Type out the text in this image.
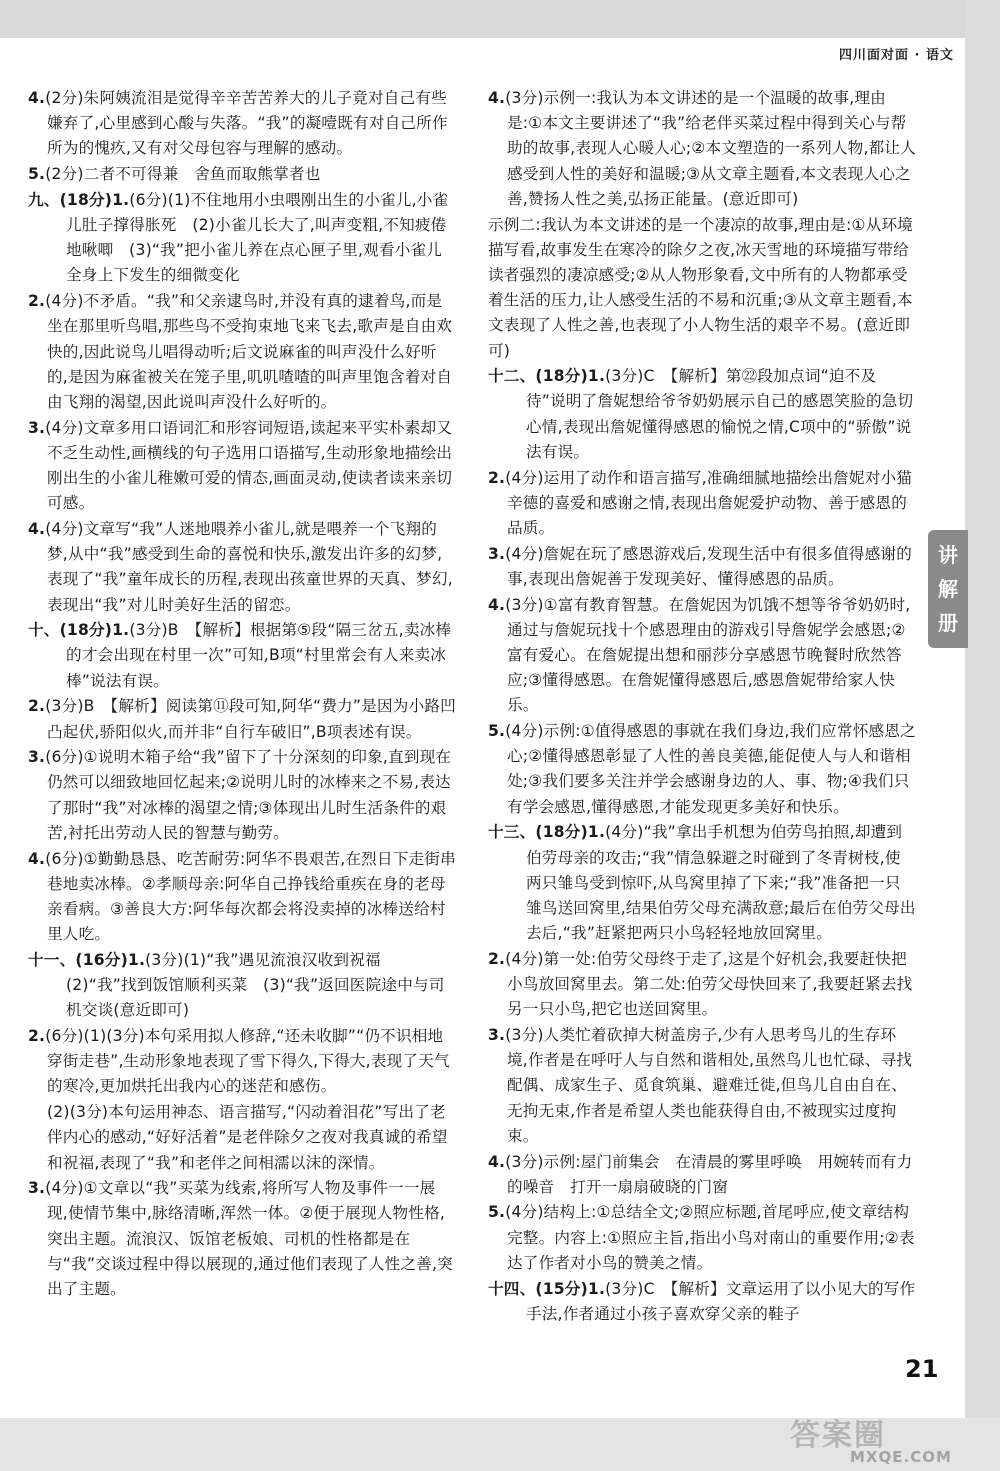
四川面对面 · 语文

4.(2分)朱阿姨流泪是觉得辛辛苦苦养大的儿子竟对自己有些嫌弃了,心里感到心酸与失落。“我”的凝噎既有对自己所作所为的愧疚,又有对父母包容与理解的感动。

5.(2分)二者不可得兼　舍鱼而取熊掌者也

九、(18分)1.(6分)(1)不住地用小虫喂刚出生的小雀儿,小雀儿肚子撑得胀死　(2)小雀儿长大了,叫声变粗,不知疲倦地啾唧　(3)“我”把小雀儿养在点心匣子里,观看小雀儿全身上下发生的细微变化

2.(4分)不矛盾。“我”和父亲逮鸟时,并没有真的逮着鸟,而是坐在那里听鸟唱,那些鸟不受拘束地飞来飞去,歌声是自由欢快的,因此说鸟儿唱得动听;后文说麻雀的叫声没什么好听的,是因为麻雀被关在笼子里,叽叽喳喳的叫声里饱含着对自由飞翔的渴望,因此说叫声没什么好听的。

3.(4分)文章多用口语词汇和形容词短语,读起来平实朴素却又不乏生动性,画横线的句子选用口语描写,生动形象地描绘出刚出生的小雀儿稚嫩可爱的情态,画面灵动,使读者读来亲切可感。

4.(4分)文章写“我”人迷地喂养小雀儿,就是喂养一个飞翔的梦,从中“我”感受到生命的喜悦和快乐,激发出许多的幻梦,表现了“我”童年成长的历程,表现出孩童世界的天真、梦幻,表现出“我”对儿时美好生活的留恋。

十、(18分)1.(3分)B　【解析】根据第⑤段“隔三岔五,卖冰棒的才会出现在村里一次”可知,B项“村里常会有人来卖冰棒”说法有误。

2.(3分)B　【解析】阅读第⑪段可知,阿华“费力”是因为小路凹凸起伏,骄阳似火,而并非“自行车破旧”,B项表述有误。

3.(6分)①说明木箱子给“我”留下了十分深刻的印象,直到现在仍然可以细致地回忆起来;②说明儿时的冰棒来之不易,表达了那时“我”对冰棒的渴望之情;③体现出儿时生活条件的艰苦,衬托出劳动人民的智慧与勤劳。

4.(6分)①勤勤恳恳、吃苦耐劳:阿华不畏艰苦,在烈日下走街串巷地卖冰棒。②孝顺母亲:阿华自己挣钱给重疾在身的老母亲看病。③善良大方:阿华每次都会将没卖掉的冰棒送给村里人吃。

十一、(16分)1.(3分)(1)“我”遇见流浪汉收到祝福　(2)“我”找到饭馆顺利买菜　(3)“我”返回医院途中与司机交谈(意近即可)

2.(6分)(1)(3分)本句采用拟人修辞,“还未收脚”“仍不识相地穿街走巷”,生动形象地表现了雪下得久,下得大,表现了天气的寒冷,更加烘托出我内心的迷茫和感伤。

(2)(3分)本句运用神态、语言描写,“闪动着泪花”写出了老伴内心的感动,“好好活着”是老伴除夕之夜对我真诚的希望和祝福,表现了“我”和老伴之间相濡以沫的深情。

3.(4分)①文章以“我”买菜为线索,将所写人物及事件一一展现,使情节集中,脉络清晰,浑然一体。②便于展现人物性格,突出主题。流浪汉、饭馆老板娘、司机的性格都是在与“我”交谈过程中得以展现的,通过他们表现了人性之善,突出了主题。

4.(3分)示例一:我认为本文讲述的是一个温暖的故事,理由是:①本文主要讲述了“我”给老伴买菜过程中得到关心与帮助的故事,表现人心暖人心;②本文塑造的一系列人物,都让人感受到人性的美好和温暖;③从文章主题看,本文表现人心之善,赞扬人性之美,弘扬正能量。(意近即可)

示例二:我认为本文讲述的是一个凄凉的故事,理由是:①从环境描写看,故事发生在寒冷的除夕之夜,冰天雪地的环境描写带给读者强烈的凄凉感受;②从人物形象看,文中所有的人物都承受着生活的压力,让人感受生活的不易和沉重;③从文章主题看,本文表现了人性之善,也表现了小人物生活的艰辛不易。(意近即可)

十二、(18分)1.(3分)C　【解析】第㉒段加点词“迫不及待”说明了詹妮想给爷爷奶奶展示自己的感恩笑脸的急切心情,表现出詹妮懂得感恩的愉悦之情,C项中的“骄傲”说法有误。

2.(4分)运用了动作和语言描写,准确细腻地描绘出詹妮对小猫辛德的喜爱和感谢之情,表现出詹妮爱护动物、善于感恩的品质。

3.(4分)詹妮在玩了感恩游戏后,发现生活中有很多值得感谢的事,表现出詹妮善于发现美好、懂得感恩的品质。

4.(3分)①富有教育智慧。在詹妮因为饥饿不想等爷爷奶奶时,通过与詹妮玩找十个感恩理由的游戏引导詹妮学会感恩;②富有爱心。在詹妮提出想和丽莎分享感恩节晚餐时欣然答应;③懂得感恩。在詹妮懂得感恩后,感恩詹妮带给家人快乐。

5.(4分)示例:①值得感恩的事就在我们身边,我们应常怀感恩之心;②懂得感恩彰显了人性的善良美德,能促使人与人和谐相处;③我们要多关注并学会感谢身边的人、事、物;④我们只有学会感恩,懂得感恩,才能发现更多美好和快乐。

十三、(18分)1.(4分)“我”拿出手机想为伯劳鸟拍照,却遭到伯劳母亲的攻击;“我”情急躲避之时碰到了冬青树枝,使两只雏鸟受到惊吓,从鸟窝里掉了下来;“我”准备把一只雏鸟送回窝里,结果伯劳父母充满敌意;最后在伯劳父母出去后,“我”赶紧把两只小鸟轻轻地放回窝里。

2.(4分)第一处:伯劳父母终于走了,这是个好机会,我要赶快把小鸟放回窝里去。第二处:伯劳父母快回来了,我要赶紧去找另一只小鸟,把它也送回窝里。

3.(3分)人类忙着砍掉大树盖房子,少有人思考鸟儿的生存环境,作者是在呼吁人与自然和谐相处,虽然鸟儿也忙碌、寻找配偶、成家生子、觅食筑巢、避难迁徙,但鸟儿自由自在、无拘无束,作者是希望人类也能获得自由,不被现实过度拘束。

4.(3分)示例:屋门前集会　在清晨的雾里呼唤　用婉转而有力的噪音　打开一扇扇破晓的门窗

5.(4分)结构上:①总结全文;②照应标题,首尾呼应,使文章结构完整。内容上:①照应主旨,指出小鸟对南山的重要作用;②表达了作者对小鸟的赞美之情。

十四、(15分)1.(3分)C　【解析】文章运用了以小见大的写作手法,作者通过小孩子喜欢穿父亲的鞋子

讲
解
册
21
答案圈
MXQE.COM
